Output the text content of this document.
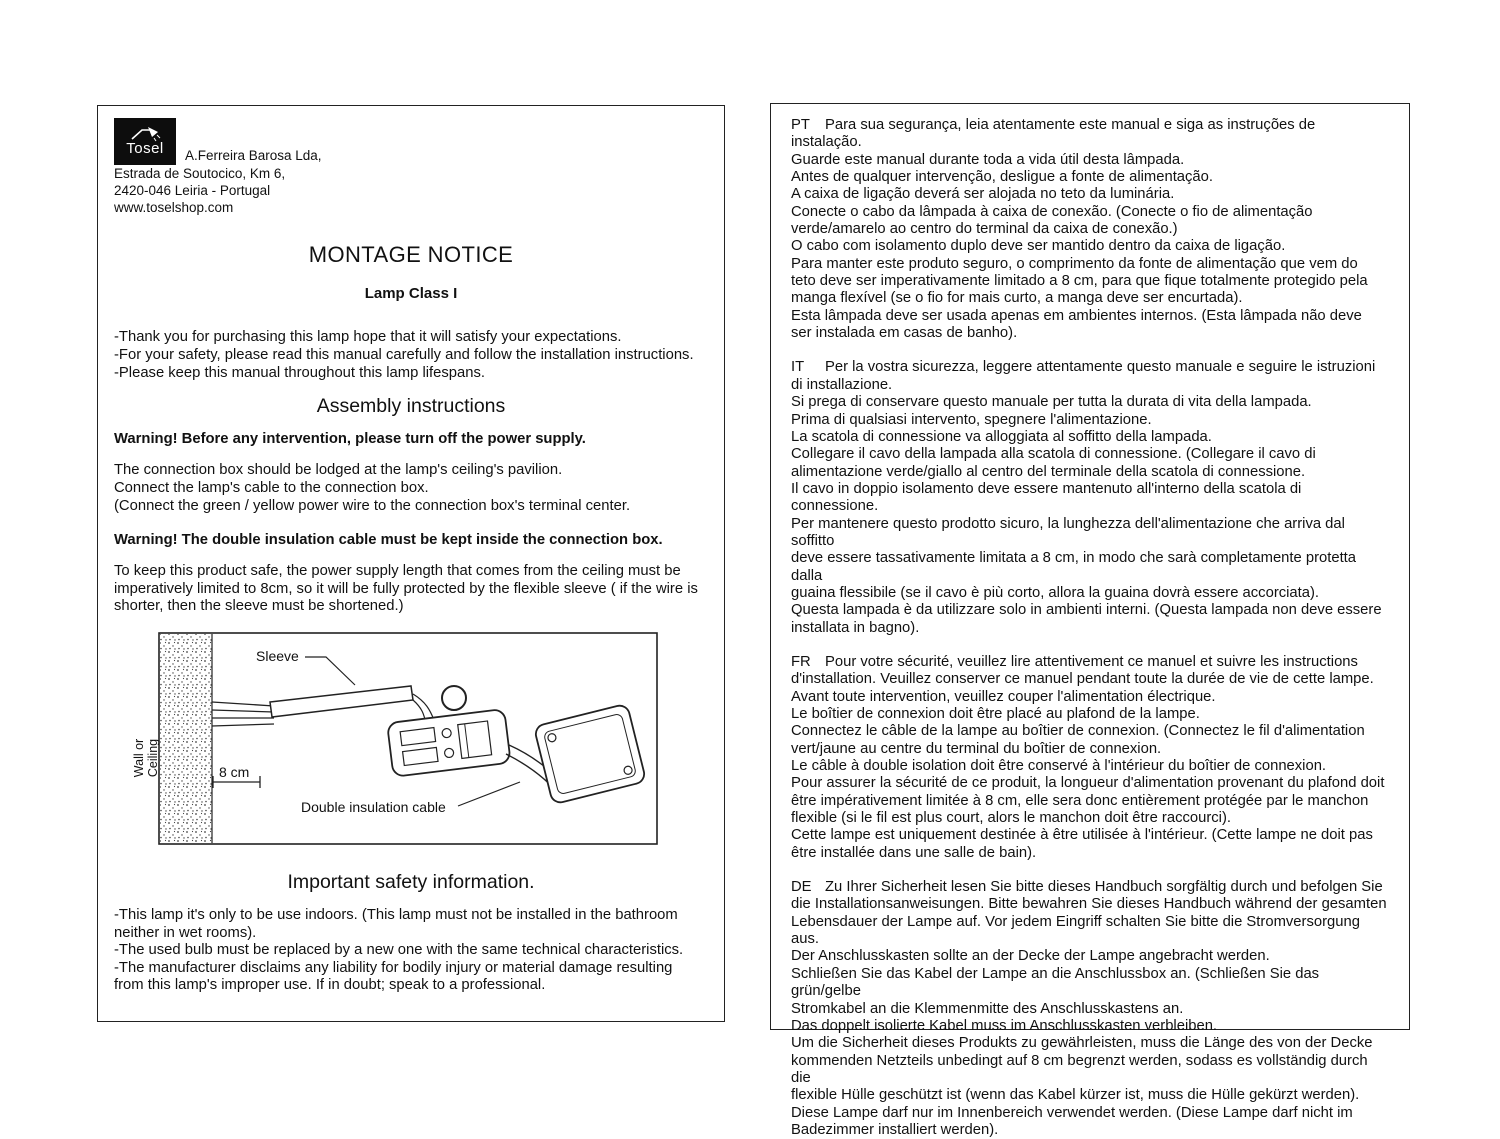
Tosel A.Ferreira Barosa Lda,
Estrada de Soutocico, Km 6,
2420-046 Leiria - Portugal
www.toselshop.com
MONTAGE NOTICE
Lamp Class I
-Thank you for purchasing this lamp hope that it will satisfy your expectations.
-For your safety, please read this manual carefully and follow the installation instructions.
-Please keep this manual throughout this lamp lifespans.
Assembly instructions
Warning! Before any intervention, please turn off the power supply.
The connection box should be lodged at the lamp's ceiling's pavilion.
Connect the lamp's cable to the connection box.
(Connect the green / yellow power wire to the connection box's terminal center.
Warning! The double insulation cable must be kept inside the connection box.
To keep this product safe, the power supply length that comes from the ceiling must be
imperatively limited to 8cm, so it will be fully protected by the flexible sleeve ( if the wire is
shorter, then the sleeve must be shortened.)
Wall or Ceiling
Sleeve
8 cm
Double insulation cable
Important safety information.
-This lamp it's only to be use indoors. (This lamp must not be installed in the bathroom
neither in wet rooms).
-The used bulb must be replaced by a new one with the same technical characteristics.
-The manufacturer disclaims any liability for bodily injury or material damage resulting
from this lamp's improper use. If in doubt; speak to a professional.
PT Para sua segurança, leia atentamente este manual e siga as instruções de instalação.
Guarde este manual durante toda a vida útil desta lâmpada.
Antes de qualquer intervenção, desligue a fonte de alimentação.
A caixa de ligação deverá ser alojada no teto da luminária.
Conecte o cabo da lâmpada à caixa de conexão. (Conecte o fio de alimentação
verde/amarelo ao centro do terminal da caixa de conexão.)
O cabo com isolamento duplo deve ser mantido dentro da caixa de ligação.
Para manter este produto seguro, o comprimento da fonte de alimentação que vem do
teto deve ser imperativamente limitado a 8 cm, para que fique totalmente protegido pela
manga flexível (se o fio for mais curto, a manga deve ser encurtada).
Esta lâmpada deve ser usada apenas em ambientes internos. (Esta lâmpada não deve
ser instalada em casas de banho).
IT Per la vostra sicurezza, leggere attentamente questo manuale e seguire le istruzioni
di installazione.
Si prega di conservare questo manuale per tutta la durata di vita della lampada.
Prima di qualsiasi intervento, spegnere l'alimentazione.
La scatola di connessione va alloggiata al soffitto della lampada.
Collegare il cavo della lampada alla scatola di connessione. (Collegare il cavo di
alimentazione verde/giallo al centro del terminale della scatola di connessione.
Il cavo in doppio isolamento deve essere mantenuto all'interno della scatola di connessione.
Per mantenere questo prodotto sicuro, la lunghezza dell'alimentazione che arriva dal soffitto
deve essere tassativamente limitata a 8 cm, in modo che sarà completamente protetta dalla
guaina flessibile (se il cavo è più corto, allora la guaina dovrà essere accorciata).
Questa lampada è da utilizzare solo in ambienti interni. (Questa lampada non deve essere
installata in bagno).
FR Pour votre sécurité, veuillez lire attentivement ce manuel et suivre les instructions
d'installation. Veuillez conserver ce manuel pendant toute la durée de vie de cette lampe.
Avant toute intervention, veuillez couper l'alimentation électrique.
Le boîtier de connexion doit être placé au plafond de la lampe.
Connectez le câble de la lampe au boîtier de connexion. (Connectez le fil d'alimentation
vert/jaune au centre du terminal du boîtier de connexion.
Le câble à double isolation doit être conservé à l'intérieur du boîtier de connexion.
Pour assurer la sécurité de ce produit, la longueur d'alimentation provenant du plafond doit
être impérativement limitée à 8 cm, elle sera donc entièrement protégée par le manchon
flexible (si le fil est plus court, alors le manchon doit être raccourci).
Cette lampe est uniquement destinée à être utilisée à l'intérieur. (Cette lampe ne doit pas
être installée dans une salle de bain).
DE Zu Ihrer Sicherheit lesen Sie bitte dieses Handbuch sorgfältig durch und befolgen Sie
die Installationsanweisungen. Bitte bewahren Sie dieses Handbuch während der gesamten
Lebensdauer der Lampe auf. Vor jedem Eingriff schalten Sie bitte die Stromversorgung aus.
Der Anschlusskasten sollte an der Decke der Lampe angebracht werden.
Schließen Sie das Kabel der Lampe an die Anschlussbox an. (Schließen Sie das grün/gelbe
Stromkabel an die Klemmenmitte des Anschlusskastens an.
Das doppelt isolierte Kabel muss im Anschlusskasten verbleiben.
Um die Sicherheit dieses Produkts zu gewährleisten, muss die Länge des von der Decke
kommenden Netzteils unbedingt auf 8 cm begrenzt werden, sodass es vollständig durch die
flexible Hülle geschützt ist (wenn das Kabel kürzer ist, muss die Hülle gekürzt werden).
Diese Lampe darf nur im Innenbereich verwendet werden. (Diese Lampe darf nicht im
Badezimmer installiert werden).
